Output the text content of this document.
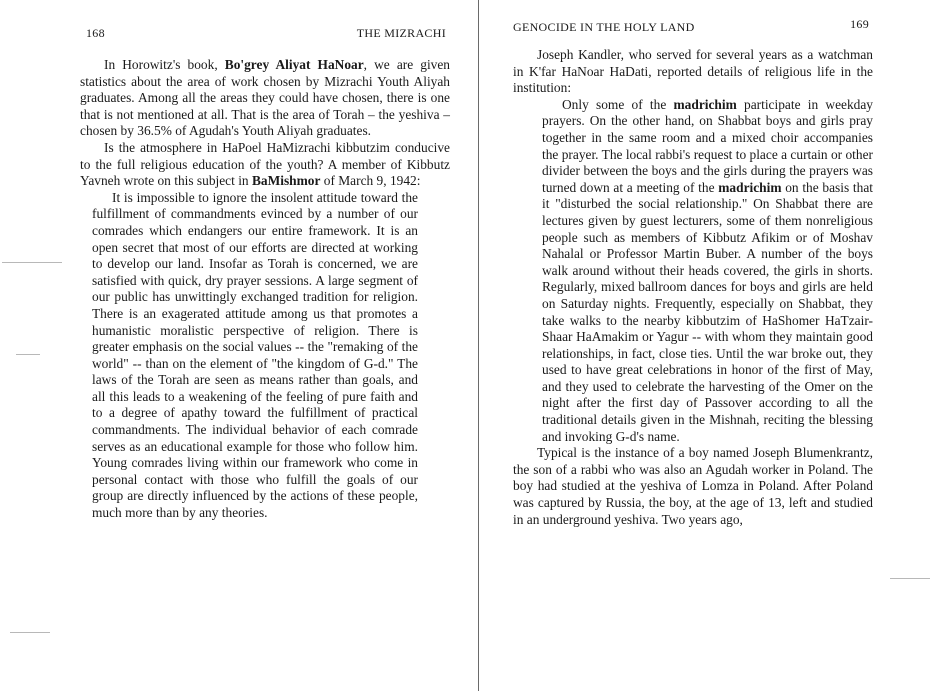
168	THE MIZRACHI

In Horowitz's book, Bo'grey Aliyat HaNoar, we are given statistics about the area of work chosen by Mizrachi Youth Aliyah graduates. Among all the areas they could have chosen, there is one that is not mentioned at all. That is the area of Torah – the yeshiva – chosen by 36.5% of Agudah's Youth Aliyah graduates.

Is the atmosphere in HaPoel HaMizrachi kibbutzim conducive to the full religious education of the youth? A member of Kibbutz Yavneh wrote on this subject in BaMishmor of March 9, 1942:

It is impossible to ignore the insolent attitude toward the fulfillment of commandments evinced by a number of our comrades which endangers our entire framework. It is an open secret that most of our efforts are directed at working to develop our land. Insofar as Torah is concerned, we are satisfied with quick, dry prayer sessions. A large segment of our public has unwittingly exchanged tradition for religion. There is an exagerated attitude among us that promotes a humanistic moralistic perspective of religion. There is greater emphasis on the social values -- the "remaking of the world" -- than on the element of "the kingdom of G-d." The laws of the Torah are seen as means rather than goals, and all this leads to a weakening of the feeling of pure faith and to a degree of apathy toward the fulfillment of practical commandments. The individual behavior of each comrade serves as an educational example for those who follow him. Young comrades living within our framework who come in personal contact with those who fulfill the goals of our group are directly influenced by the actions of these people, much more than by any theories.

GENOCIDE IN THE HOLY LAND	169

Joseph Kandler, who served for several years as a watchman in K'far HaNoar HaDati, reported details of religious life in the institution:

Only some of the madrichim participate in weekday prayers. On the other hand, on Shabbat boys and girls pray together in the same room and a mixed choir accompanies the prayer. The local rabbi's request to place a curtain or other divider between the boys and the girls during the prayers was turned down at a meeting of the madrichim on the basis that it "disturbed the social relationship." On Shabbat there are lectures given by guest lecturers, some of them nonreligious people such as members of Kibbutz Afikim or of Moshav Nahalal or Professor Martin Buber. A number of the boys walk around without their heads covered, the girls in shorts. Regularly, mixed ballroom dances for boys and girls are held on Saturday nights. Frequently, especially on Shabbat, they take walks to the nearby kibbutzim of HaShomer HaTzair-Shaar HaAmakim or Yagur -- with whom they maintain good relationships, in fact, close ties. Until the war broke out, they used to have great celebrations in honor of the first of May, and they used to celebrate the harvesting of the Omer on the night after the first day of Passover according to all the traditional details given in the Mishnah, reciting the blessing and invoking G-d's name.

Typical is the instance of a boy named Joseph Blumenkrantz, the son of a rabbi who was also an Agudah worker in Poland. The boy had studied at the yeshiva of Lomza in Poland. After Poland was captured by Russia, the boy, at the age of 13, left and studied in an underground yeshiva. Two years ago,
